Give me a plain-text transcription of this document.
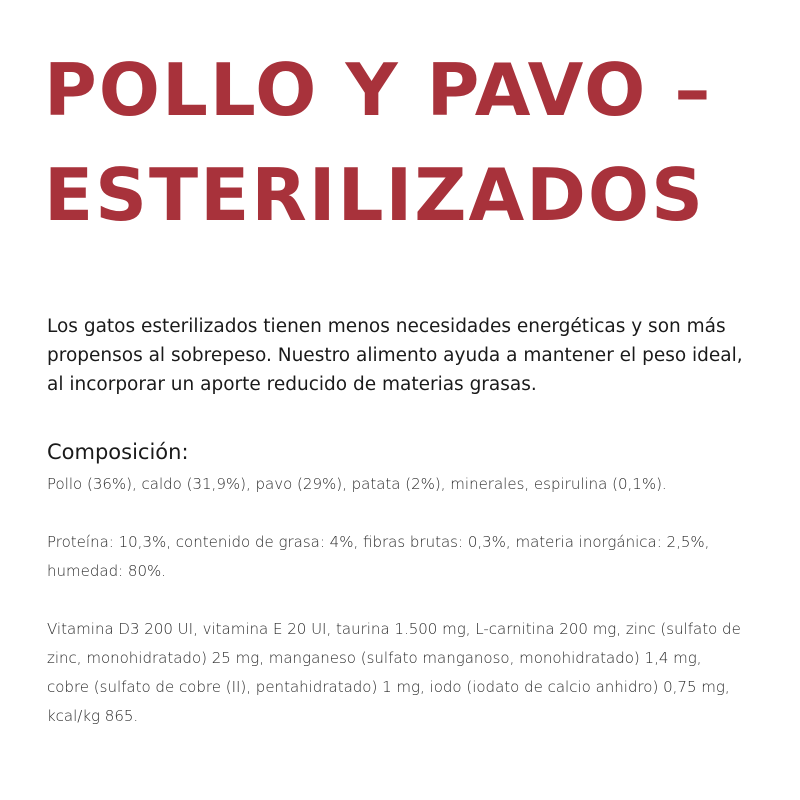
POLLO Y PAVO –
ESTERILIZADOS

Los gatos esterilizados tienen menos necesidades energéticas y son más propensos al sobrepeso. Nuestro alimento ayuda a mantener el peso ideal, al incorporar un aporte reducido de materias grasas.

Composición:

Pollo (36%), caldo (31,9%), pavo (29%), patata (2%), minerales, espirulina (0,1%).

Proteína: 10,3%, contenido de grasa: 4%, fibras brutas: 0,3%, materia inorgánica: 2,5%, humedad: 80%.

Vitamina D3 200 UI, vitamina E 20 UI, taurina 1.500 mg, L-carnitina 200 mg, zinc (sulfato de zinc, monohidratado) 25 mg, manganeso (sulfato manganoso, monohidratado) 1,4 mg, cobre (sulfato de cobre (II), pentahidratado) 1 mg, iodo (iodato de calcio anhidro) 0,75 mg, kcal/kg 865.
